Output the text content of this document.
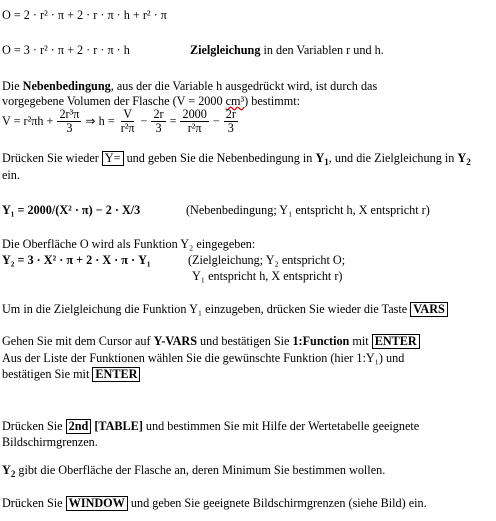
O = 2 · r² · π + 2 · r · π · h + r² · π
O = 3 · r² · π + 2 · r · π · h	Zielgleichung in den Variablen r und h.
Die Nebenbedingung, aus der die Variable h ausgedrückt wird, ist durch das
vorgegebene Volumen der Flasche (V = 2000 cm³) bestimmt:
$V = r^2\pi h + \frac{\text{2r³π}}{3}$ ⇒ $h = \frac{V}{\text{r²π}} - \frac{2r}{3} = \frac{2000}{\text{r²π}} - \frac{2r}{3}$
Drücken Sie wieder Y= und geben Sie die Nebenbedingung in $Y_1$, und die Zielgleichung in $Y_2$
ein.
Y₁ = 2000/(X² · π) − 2 · X/3	(Nebenbedingung; Y₁ entspricht h, X entspricht r)
Die Oberfläche O wird als Funktion Y₂ eingegeben:
Y₂ = 3 · X² · π + 2 · X · π · Y₁	(Zielgleichung; Y₂ entspricht O;
Y₁ entspricht h, X entspricht r)
Um in die Zielgleichung die Funktion Y₁ einzugeben, drücken Sie wieder die Taste VARS
Gehen Sie mit dem Cursor auf Y-VARS und bestätigen Sie 1:Function mit ENTER
Aus der Liste der Funktionen wählen Sie die gewünschte Funktion (hier 1:Y₁) und
bestätigen Sie mit ENTER
Drücken Sie 2nd [TABLE] und bestimmen Sie mit Hilfe der Wertetabelle geeignete
Bildschirmgrenzen.
$Y_2$ gibt die Oberfläche der Flasche an, deren Minimum Sie bestimmen wollen.
Drücken Sie WINDOW und geben Sie geeignete Bildschirmgrenzen (siehe Bild) ein.
